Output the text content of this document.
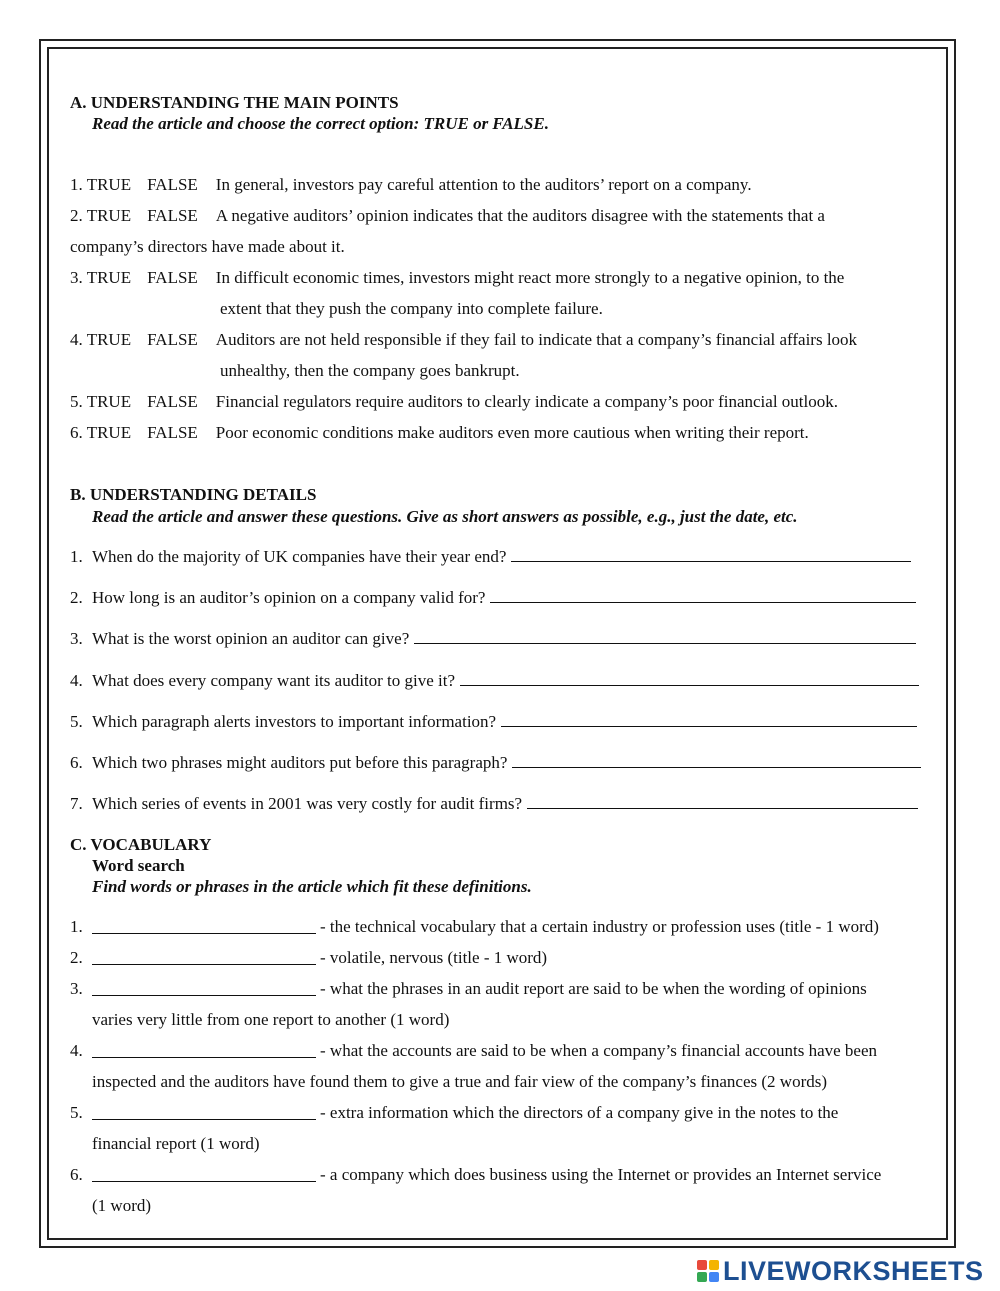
A. UNDERSTANDING THE MAIN POINTS
Read the article and choose the correct option: TRUE or FALSE.
1. TRUE FALSE In general, investors pay careful attention to the auditors’ report on a company.
2. TRUE FALSE A negative auditors’ opinion indicates that the auditors disagree with the statements that a
company’s directors have made about it.
3. TRUE FALSE In difficult economic times, investors might react more strongly to a negative opinion, to the
extent that they push the company into complete failure.
4. TRUE FALSE Auditors are not held responsible if they fail to indicate that a company’s financial affairs look
unhealthy, then the company goes bankrupt.
5. TRUE FALSE Financial regulators require auditors to clearly indicate a company’s poor financial outlook.
6. TRUE FALSE Poor economic conditions make auditors even more cautious when writing their report.
B. UNDERSTANDING DETAILS
Read the article and answer these questions. Give as short answers as possible, e.g., just the date, etc.
1. When do the majority of UK companies have their year end?
2. How long is an auditor’s opinion on a company valid for?
3. What is the worst opinion an auditor can give?
4. What does every company want its auditor to give it?
5. Which paragraph alerts investors to important information?
6. Which two phrases might auditors put before this paragraph?
7. Which series of events in 2001 was very costly for audit firms?
C. VOCABULARY
Word search
Find words or phrases in the article which fit these definitions.
1.	- the technical vocabulary that a certain industry or profession uses (title - 1 word)
2.	- volatile, nervous (title - 1 word)
3.	- what the phrases in an audit report are said to be when the wording of opinions
varies very little from one report to another (1 word)
4.	- what the accounts are said to be when a company’s financial accounts have been
inspected and the auditors have found them to give a true and fair view of the company’s finances (2 words)
5.	- extra information which the directors of a company give in the notes to the
financial report (1 word)
6.	- a company which does business using the Internet or provides an Internet service
(1 word)
LIVEWORKSHEETS
